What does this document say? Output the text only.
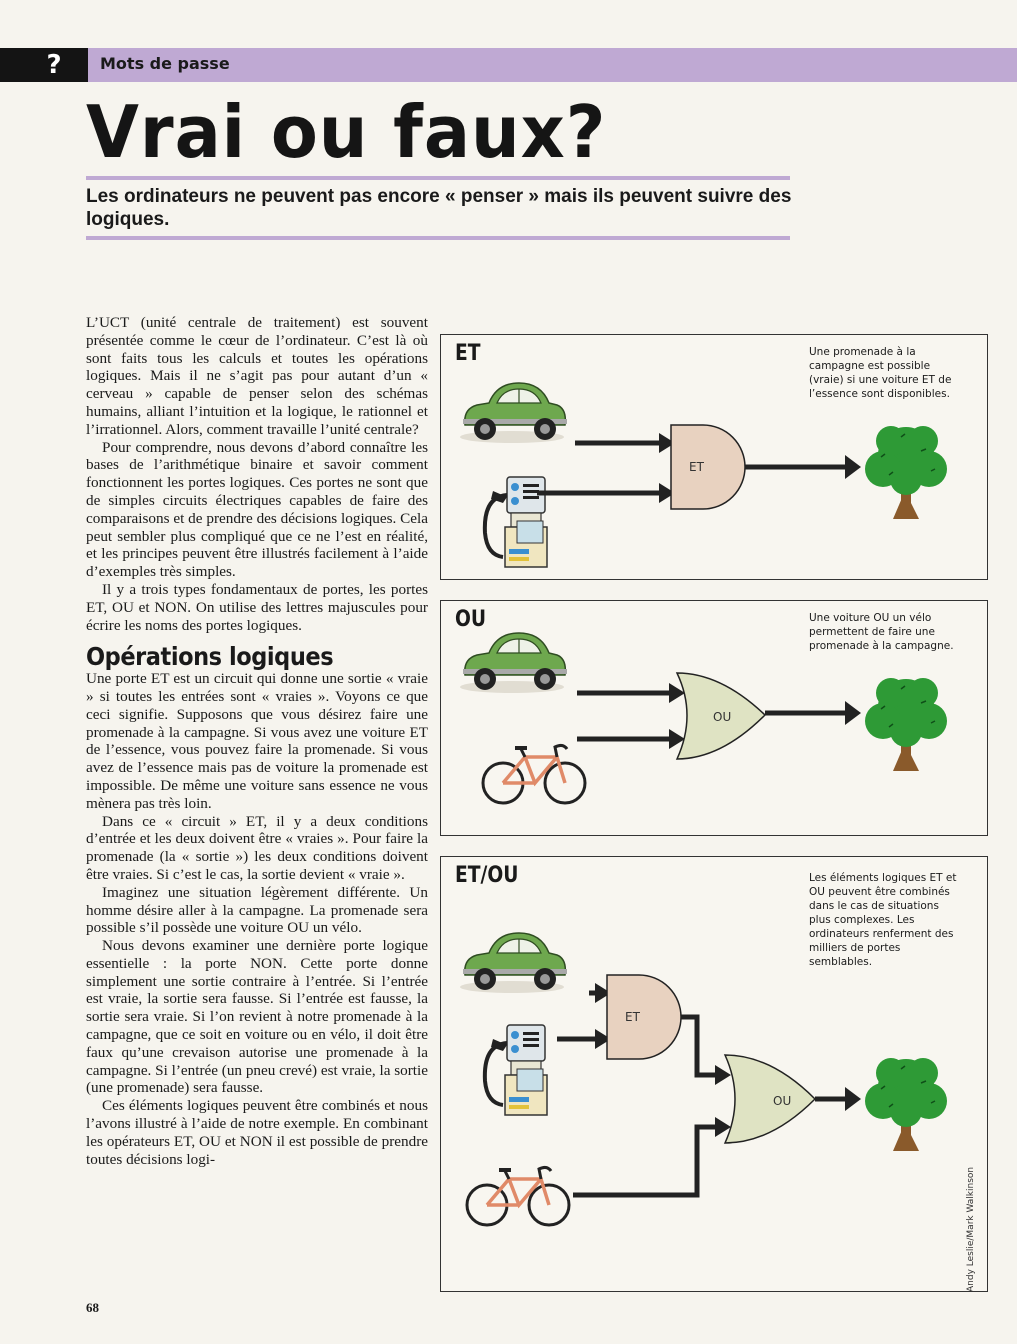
?	Mots de passe
Vrai ou faux?
Les ordinateurs ne peuvent pas encore « penser » mais ils peuvent suivre des logiques.

L’UCT (unité centrale de traitement) est souvent présentée comme le cœur de l’ordinateur. C’est là où sont faits tous les calculs et toutes les opérations logiques. Mais il ne s’agit pas pour autant d’un « cerveau » capable de penser selon des schémas humains, alliant l’intuition et la logique, le rationnel et l’irrationnel. Alors, comment travaille l’unité centrale?

Pour comprendre, nous devons d’abord connaître les bases de l’arithmétique binaire et savoir comment fonctionnent les portes logiques. Ces portes ne sont que de simples circuits électriques capables de faire des comparaisons et de prendre des décisions logiques. Cela peut sembler plus compliqué que ce ne l’est en réalité, et les principes peuvent être illustrés facilement à l’aide d’exemples très simples.

Il y a trois types fondamentaux de portes, les portes ET, OU et NON. On utilise des lettres majuscules pour écrire les noms des portes logiques.

Opérations logiques

Une porte ET est un circuit qui donne une sortie « vraie » si toutes les entrées sont « vraies ». Voyons ce que ceci signifie. Supposons que vous désirez faire une promenade à la campagne. Si vous avez une voiture ET de l’essence, vous pouvez faire la promenade. Si vous avez de l’essence mais pas de voiture la promenade est impossible. De même une voiture sans essence ne vous mènera pas très loin.

Dans ce « circuit » ET, il y a deux conditions d’entrée et les deux doivent être « vraies ». Pour faire la promenade (la « sortie ») les deux conditions doivent être vraies. Si c’est le cas, la sortie devient « vraie ».

Imaginez une situation légèrement différente. Un homme désire aller à la campagne. La promenade sera possible s’il possède une voiture OU un vélo.

Nous devons examiner une dernière porte logique essentielle : la porte NON. Cette porte donne simplement une sortie contraire à l’entrée. Si l’entrée est vraie, la sortie sera fausse. Si l’entrée est fausse, la sortie sera vraie. Si l’on revient à notre promenade à la campagne, que ce soit en voiture ou en vélo, il doit être faux qu’une crevaison autorise une promenade à la campagne. Si l’entrée (un pneu crevé) est vraie, la sortie (une promenade) sera fausse.

Ces éléments logiques peuvent être combinés et nous l’avons illustré à l’aide de notre exemple. En combinant les opérateurs ET, OU et NON il est possible de prendre toutes décisions logi-

68
ET	Une promenade à la campagne est possible (vraie) si une voiture ET de l’essence sont disponibles.
ET
OU	Une voiture OU un vélo permettent de faire une promenade à la campagne.
OU
ET/OU	Les éléments logiques ET et OU peuvent être combinés dans le cas de situations plus complexes. Les ordinateurs renferment des milliers de portes semblables.
ET
OU
Andy Leslie/Mark Walkinson
